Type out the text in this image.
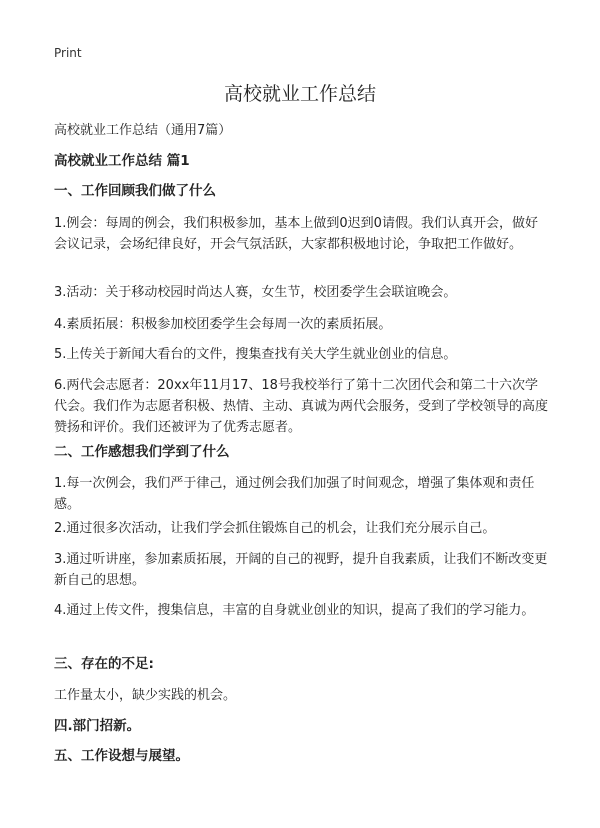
Print
高校就业工作总结
高校就业工作总结（通用7篇）
高校就业工作总结 篇1
一、工作回顾我们做了什么
1.例会：每周的例会，我们积极参加，基本上做到0迟到0请假。我们认真开会，做好会议记录，会场纪律良好，开会气氛活跃，大家都积极地讨论，争取把工作做好。
3.活动：关于移动校园时尚达人赛，女生节，校团委学生会联谊晚会。
4.素质拓展：积极参加校团委学生会每周一次的素质拓展。
5.上传关于新闻大看台的文件，搜集查找有关大学生就业创业的信息。
6.两代会志愿者：20xx年11月17、18号我校举行了第十二次团代会和第二十六次学代会。我们作为志愿者积极、热情、主动、真诚为两代会服务，受到了学校领导的高度赞扬和评价。我们还被评为了优秀志愿者。
二、工作感想我们学到了什么
1.每一次例会，我们严于律己，通过例会我们加强了时间观念，增强了集体观和责任感。
2.通过很多次活动，让我们学会抓住锻炼自己的机会，让我们充分展示自己。
3.通过听讲座，参加素质拓展，开阔的自己的视野，提升自我素质，让我们不断改变更新自己的思想。
4.通过上传文件，搜集信息，丰富的自身就业创业的知识，提高了我们的学习能力。
三、存在的不足:
工作量太小，缺少实践的机会。
四.部门招新。
五、工作设想与展望。
